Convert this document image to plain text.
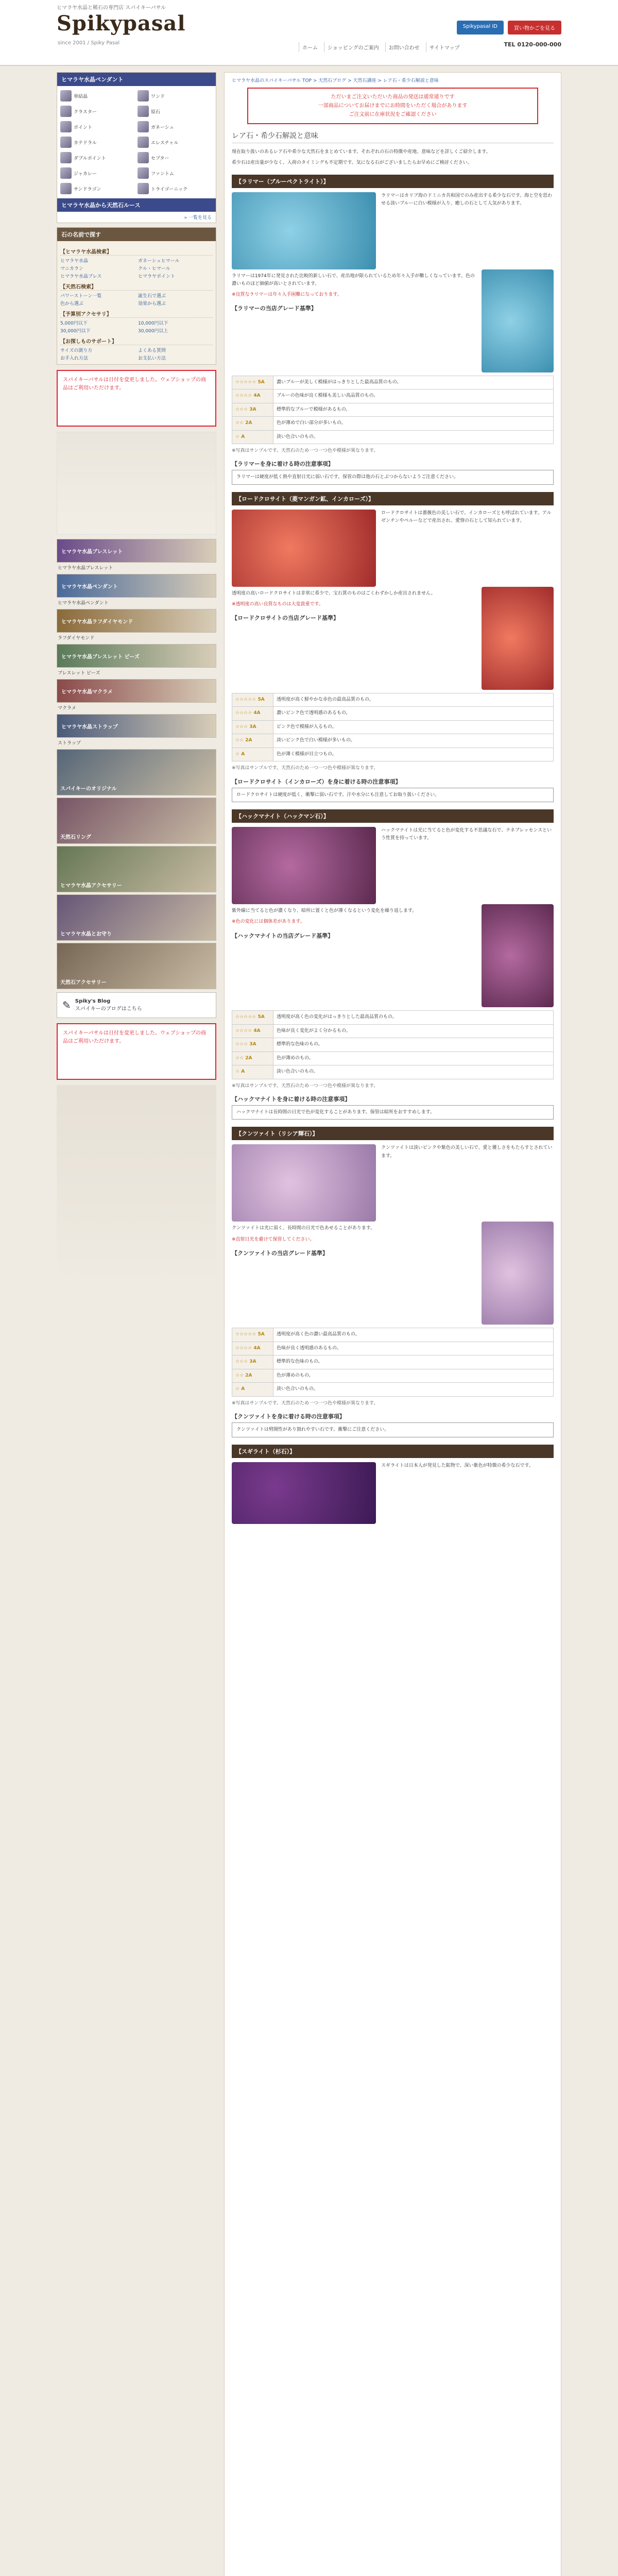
ヒマラヤ水晶と稀石の専門店 スパイキーパサル
Spikypasal
since 2001 / Spiky Pasal
ホーム	ショッピングのご案内	お問い合わせ	サイトマップ
Spikypasal ID	買い物かごを見る
TEL 0120-000-000
ヒマラヤ水晶ペンダント
単結晶	ワンド
クラスター	原石
ポイント	ガネーシュ
カテドラル	エレスチャル
ダブルポイント	セプター
ジャカレー	ファントム
サンドラゴン	トライゴーニック
ヒマラヤ水晶から天然石ルース
» 一覧を見る
石の名前で探す
【ヒマラヤ水晶検索】
ヒマラヤ水晶	ガネーシュヒマール
マニカラン	クル・ヒマール
ヒマラヤ水晶ブレス	ヒマラヤポイント
【天然石検索】
パワーストーン一覧	誕生石で選ぶ
色から選ぶ	効果から選ぶ
【予算別アクセサリ】
5,000円以下	10,000円以下
30,000円以下	30,000円以上
【お探しものサポート】
サイズの測り方	よくある質問
お手入れ方法	お支払い方法
スパイキーパサルは日付を変更しました。ウェブショップの商品はご利用いただけます。
ヒマラヤ水晶ブレスレット
ヒマラヤ水晶ブレスレット
ヒマラヤ水晶ペンダント
ヒマラヤ水晶ペンダント
ヒマラヤ水晶ラフダイヤモンド
ラフダイヤモンド
ヒマラヤ水晶ブレスレット ビーズ
ブレスレット ビーズ
ヒマラヤ水晶マクラメ
マクラメ
ヒマラヤ水晶ストラップ
ストラップ
スパイキーのオリジナル
天然石リング
ヒマラヤ水晶アクセサリー
ヒマラヤ水晶とお守り
天然石アクセサリー
✎ Spiky's Blog
スパイキーのブログはこちら
スパイキーパサルは日付を変更しました。ウェブショップの商品はご利用いただけます。
ヒマラヤ水晶のスパイキーパサル TOP > 天然石ブログ > 天然石講座 > レア石・希少石解説と意味
ただいまご注文いただいた商品の発送は通常通りです
一部商品についてお届けまでにお時間をいただく場合があります
ご注文前に在庫状況をご確認ください
レア石・希少石解説と意味

現在取り扱いのあるレア石や希少な天然石をまとめています。それぞれの石の特徴や産地、意味などを詳しくご紹介します。

希少石は産出量が少なく、入荷のタイミングも不定期です。気になる石がございましたらお早めにご検討ください。

【ラリマー（ブルーペクトライト）】
ラリマーはカリブ海のドミニカ共和国でのみ産出する希少な石です。海と空を思わせる淡いブルーに白い模様が入り、癒しの石として人気があります。

ラリマーは1974年に発見された比較的新しい石で、産出地が限られているため年々入手が難しくなっています。色の濃いものほど価値が高いとされています。

※良質なラリマーは年々入手困難になっております。

【ラリマーの当店グレード基準】
☆☆☆☆☆ 5A	濃いブルーが美しく模様がはっきりとした最高品質のもの。
☆☆☆☆ 4A	ブルーの色味が良く模様も美しい高品質のもの。
☆☆☆ 3A	標準的なブルーで模様があるもの。
☆☆ 2A	色が薄めで白い部分が多いもの。
☆ A	淡い色合いのもの。
※写真はサンプルです。天然石のため一つ一つ色や模様が異なります。
【ラリマーを身に着ける時の注意事項】
ラリマーは硬度が低く熱や直射日光に弱い石です。保管の際は他の石とぶつからないようご注意ください。
【ロードクロサイト（菱マンガン鉱、インカローズ）】
ロードクロサイトは薔薇色の美しい石で、インカローズとも呼ばれています。アルゼンチンやペルーなどで産出され、愛情の石として知られています。

透明度の高いロードクロサイトは非常に希少で、宝石質のものはごくわずかしか産出されません。

※透明度の高い良質なものは大変貴重です。

【ロードクロサイトの当店グレード基準】
☆☆☆☆☆ 5A	透明度が高く鮮やかな赤色の最高品質のもの。
☆☆☆☆ 4A	濃いピンク色で透明感のあるもの。
☆☆☆ 3A	ピンク色で模様が入るもの。
☆☆ 2A	淡いピンク色で白い模様が多いもの。
☆ A	色が薄く模様が目立つもの。
※写真はサンプルです。天然石のため一つ一つ色や模様が異なります。
【ロードクロサイト（インカローズ）を身に着ける時の注意事項】
ロードクロサイトは硬度が低く、衝撃に弱い石です。汗や水分にも注意してお取り扱いください。
【ハックマナイト（ハックマン石）】
ハックマナイトは光に当てると色が変化する不思議な石で、テネブレッセンスという性質を持っています。

紫外線に当てると色が濃くなり、暗所に置くと色が薄くなるという変化を繰り返します。

※色の変化には個体差があります。

【ハックマナイトの当店グレード基準】
☆☆☆☆☆ 5A	透明度が高く色の変化がはっきりとした最高品質のもの。
☆☆☆☆ 4A	色味が良く変化がよく分かるもの。
☆☆☆ 3A	標準的な色味のもの。
☆☆ 2A	色が薄めのもの。
☆ A	淡い色合いのもの。
※写真はサンプルです。天然石のため一つ一つ色や模様が異なります。
【ハックマナイトを身に着ける時の注意事項】
ハックマナイトは長時間の日光で色が変化することがあります。保管は暗所をおすすめします。
【クンツァイト（リシア輝石）】
クンツァイトは淡いピンクや紫色の美しい石で、愛と優しさをもたらすとされています。

クンツァイトは光に弱く、長時間の日光で色あせることがあります。

※直射日光を避けて保管してください。

【クンツァイトの当店グレード基準】
☆☆☆☆☆ 5A	透明度が高く色の濃い最高品質のもの。
☆☆☆☆ 4A	色味が良く透明感のあるもの。
☆☆☆ 3A	標準的な色味のもの。
☆☆ 2A	色が薄めのもの。
☆ A	淡い色合いのもの。
※写真はサンプルです。天然石のため一つ一つ色や模様が異なります。
【クンツァイトを身に着ける時の注意事項】
クンツァイトは劈開性があり割れやすい石です。衝撃にご注意ください。
【スギライト（杉石）】
スギライトは日本人が発見した鉱物で、深い紫色が特徴の希少な石です。
